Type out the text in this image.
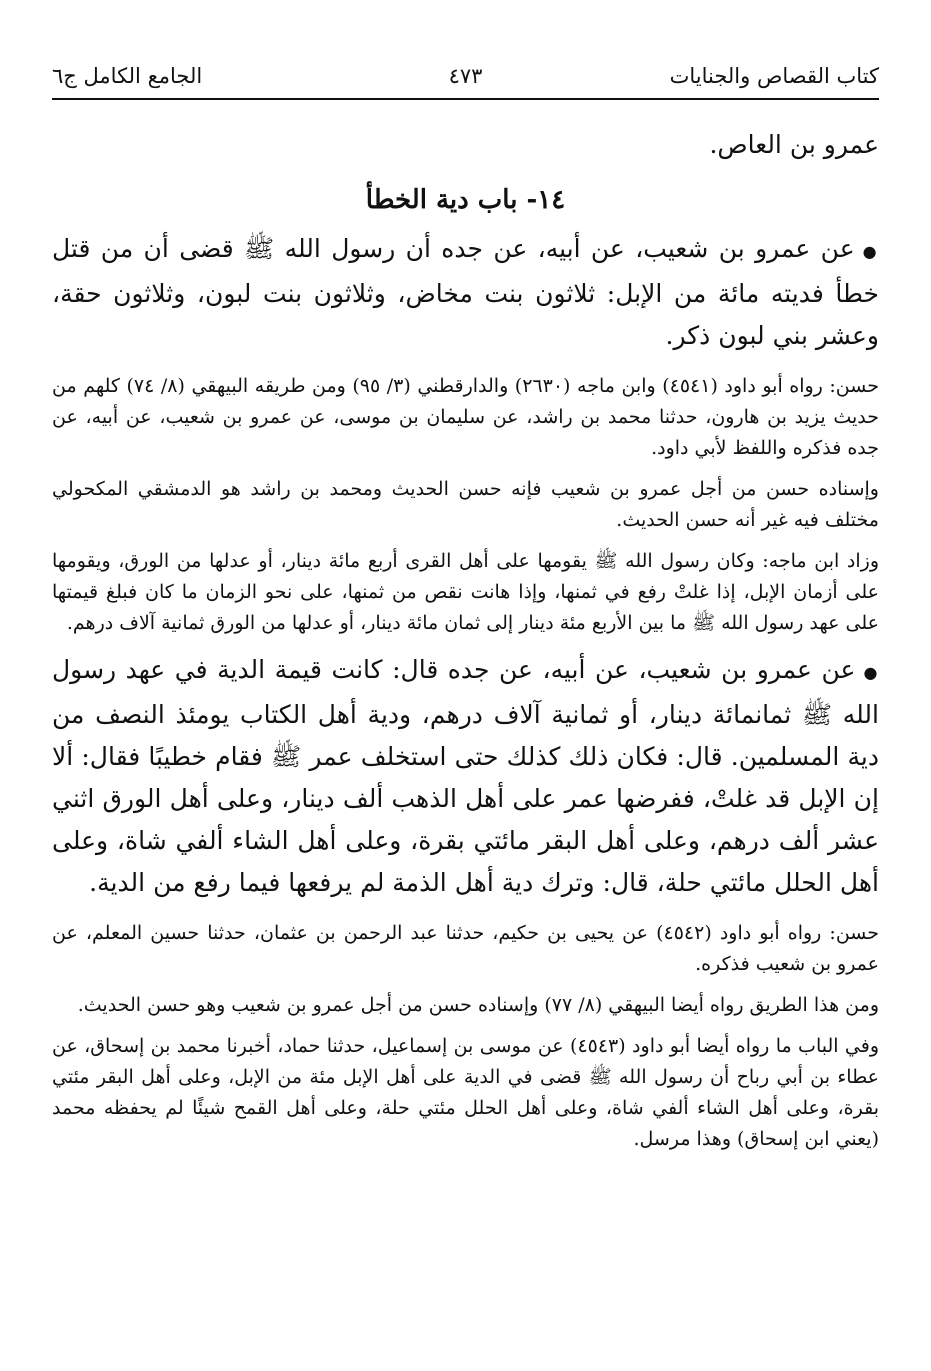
كتاب القصاص والجنايات
٤٧٣
الجامع الكامل ج٦

عمرو بن العاص.

١٤- باب دية الخطأ

●عن عمرو بن شعيب، عن أبيه، عن جده أن رسول الله ﷺ قضى أن من قتل خطأ فديته مائة من الإبل: ثلاثون بنت مخاض، وثلاثون بنت لبون، وثلاثون حقة، وعشر بني لبون ذكر.

حسن: رواه أبو داود (٤٥٤١) وابن ماجه (٢٦٣٠) والدارقطني (٣/ ٩٥) ومن طريقه البيهقي (٨/ ٧٤) كلهم من حديث يزيد بن هارون، حدثنا محمد بن راشد، عن سليمان بن موسى، عن عمرو بن شعيب، عن أبيه، عن جده فذكره واللفظ لأبي داود.

وإسناده حسن من أجل عمرو بن شعيب فإنه حسن الحديث ومحمد بن راشد هو الدمشقي المكحولي مختلف فيه غير أنه حسن الحديث.

وزاد ابن ماجه: وكان رسول الله ﷺ يقومها على أهل القرى أربع مائة دينار، أو عدلها من الورق، ويقومها على أزمان الإبل، إذا غلتْ رفع في ثمنها، وإذا هانت نقص من ثمنها، على نحو الزمان ما كان فبلغ قيمتها على عهد رسول الله ﷺ ما بين الأربع مئة دينار إلى ثمان مائة دينار، أو عدلها من الورق ثمانية آلاف درهم.

●عن عمرو بن شعيب، عن أبيه، عن جده قال: كانت قيمة الدية في عهد رسول الله ﷺ ثمانمائة دينار، أو ثمانية آلاف درهم، ودية أهل الكتاب يومئذ النصف من دية المسلمين. قال: فكان ذلك كذلك حتى استخلف عمر ﷺ فقام خطيبًا فقال: ألا إن الإبل قد غلتْ، ففرضها عمر على أهل الذهب ألف دينار، وعلى أهل الورق اثني عشر ألف درهم، وعلى أهل البقر مائتي بقرة، وعلى أهل الشاء ألفي شاة، وعلى أهل الحلل مائتي حلة، قال: وترك دية أهل الذمة لم يرفعها فيما رفع من الدية.

حسن: رواه أبو داود (٤٥٤٢) عن يحيى بن حكيم، حدثنا عبد الرحمن بن عثمان، حدثنا حسين المعلم، عن عمرو بن شعيب فذكره.

ومن هذا الطريق رواه أيضا البيهقي (٨/ ٧٧) وإسناده حسن من أجل عمرو بن شعيب وهو حسن الحديث.

وفي الباب ما رواه أيضا أبو داود (٤٥٤٣) عن موسى بن إسماعيل، حدثنا حماد، أخبرنا محمد بن إسحاق، عن عطاء بن أبي رباح أن رسول الله ﷺ قضى في الدية على أهل الإبل مئة من الإبل، وعلى أهل البقر مئتي بقرة، وعلى أهل الشاء ألفي شاة، وعلى أهل الحلل مئتي حلة، وعلى أهل القمح شيئًا لم يحفظه محمد (يعني ابن إسحاق) وهذا مرسل.
